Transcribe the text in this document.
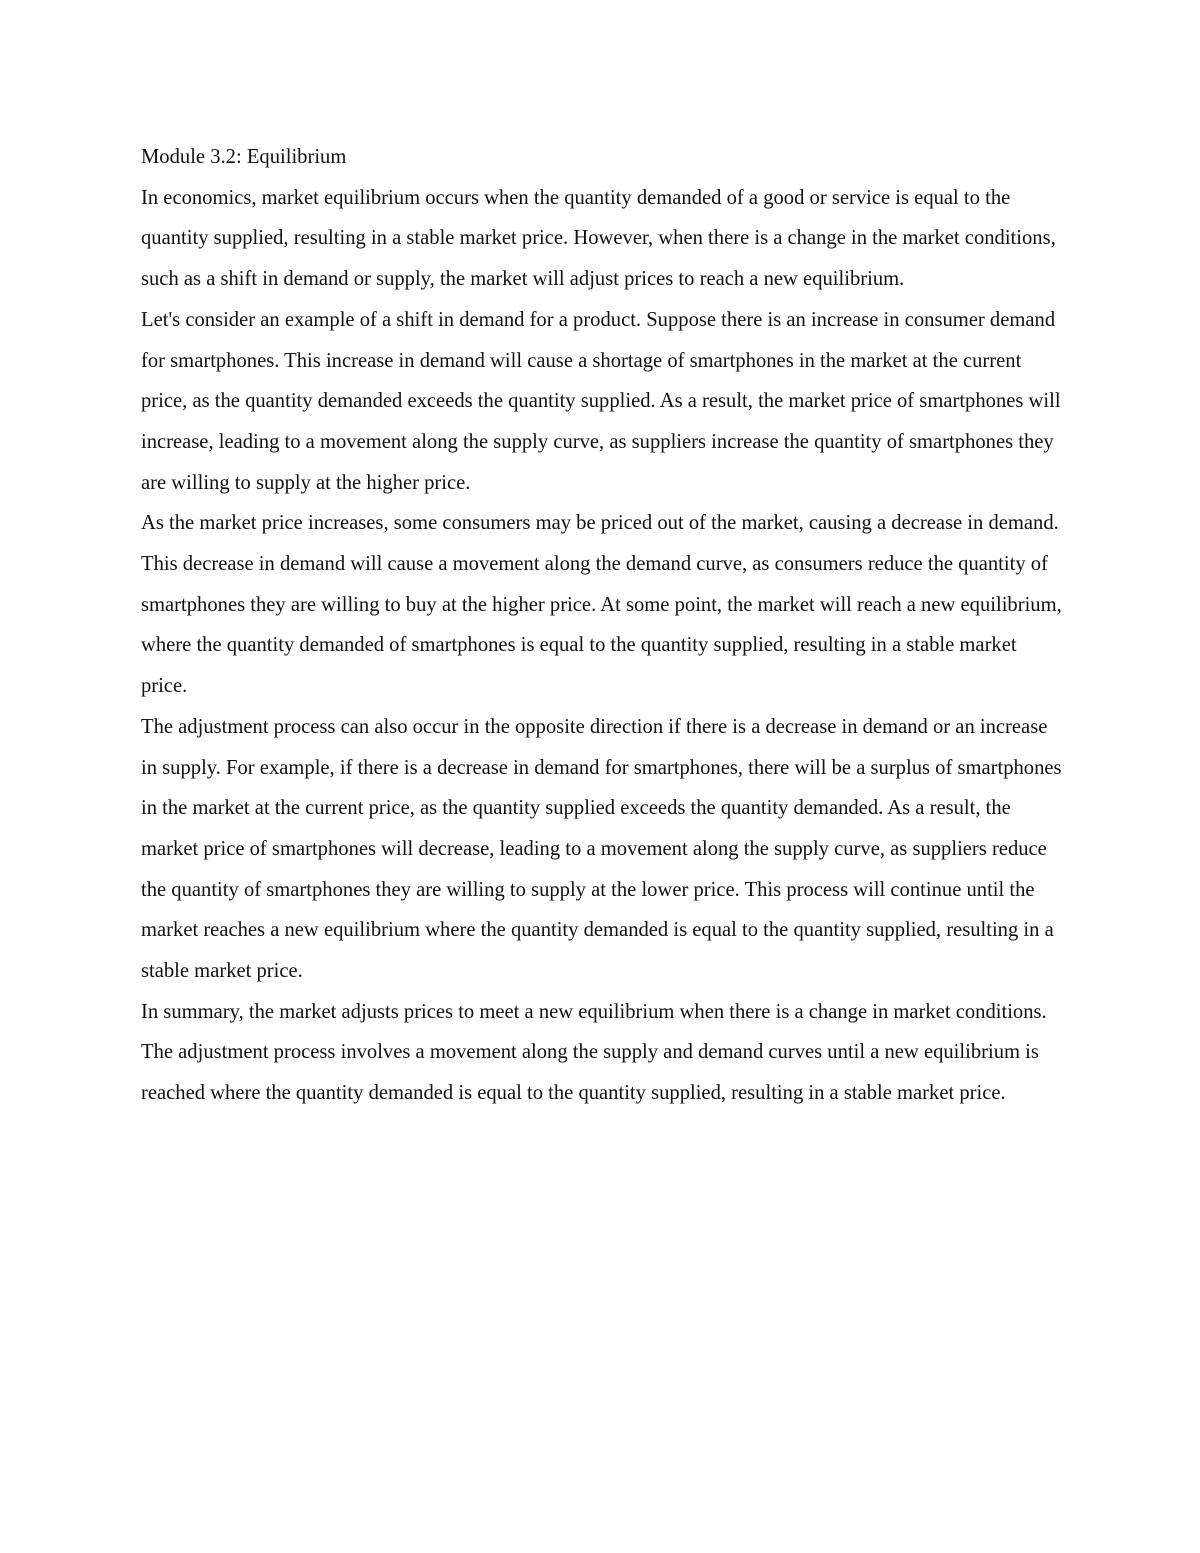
Module 3.2: Equilibrium

In economics, market equilibrium occurs when the quantity demanded of a good or service is equal to the quantity supplied, resulting in a stable market price. However, when there is a change in the market conditions, such as a shift in demand or supply, the market will adjust prices to reach a new equilibrium.

Let's consider an example of a shift in demand for a product. Suppose there is an increase in consumer demand for smartphones. This increase in demand will cause a shortage of smartphones in the market at the current price, as the quantity demanded exceeds the quantity supplied. As a result, the market price of smartphones will increase, leading to a movement along the supply curve, as suppliers increase the quantity of smartphones they are willing to supply at the higher price.

As the market price increases, some consumers may be priced out of the market, causing a decrease in demand. This decrease in demand will cause a movement along the demand curve, as consumers reduce the quantity of smartphones they are willing to buy at the higher price. At some point, the market will reach a new equilibrium, where the quantity demanded of smartphones is equal to the quantity supplied, resulting in a stable market price.

The adjustment process can also occur in the opposite direction if there is a decrease in demand or an increase in supply. For example, if there is a decrease in demand for smartphones, there will be a surplus of smartphones in the market at the current price, as the quantity supplied exceeds the quantity demanded. As a result, the market price of smartphones will decrease, leading to a movement along the supply curve, as suppliers reduce the quantity of smartphones they are willing to supply at the lower price. This process will continue until the market reaches a new equilibrium where the quantity demanded is equal to the quantity supplied, resulting in a stable market price.

In summary, the market adjusts prices to meet a new equilibrium when there is a change in market conditions. The adjustment process involves a movement along the supply and demand curves until a new equilibrium is reached where the quantity demanded is equal to the quantity supplied, resulting in a stable market price.
